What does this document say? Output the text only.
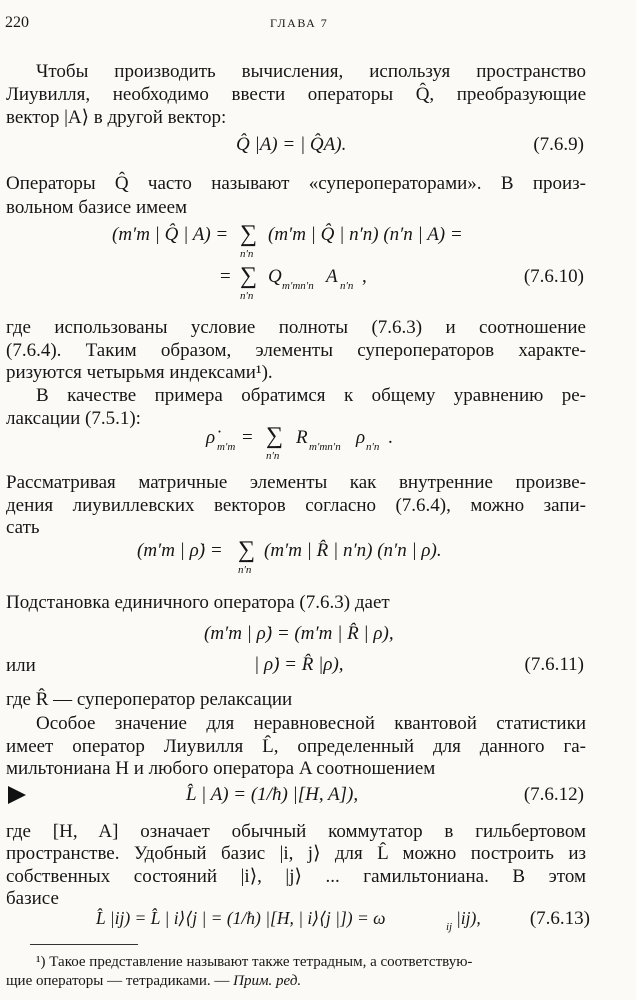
220	ГЛАВА 7
Чтобы производить вычисления, используя пространство
Лиувилля, необходимо ввести операторы Q̂, преобразующие
вектор |A⟩ в другой вектор:
Q̂ |A) = | Q̂A).	(7.6.9)
Операторы Q̂ часто называют «супероператорами». В произ-
вольном базисе имеем
(m′m | Q̂ | A) = ∑
n′n
(m′m | Q̂ | n′n) (n′n | A) =
= ∑
n′n
Q m′mn′n A n′n ,	(7.6.10)
где использованы условие полноты (7.6.3) и соотношение
(7.6.4). Таким образом, элементы супероператоров характе-
ризуются четырьмя индексами¹).
В качестве примера обратимся к общему уравнению ре-
лаксации (7.5.1):
ρ̇ m′m = ∑
n′n
R m′mn′n ρ n′n .
Рассматривая матричные элементы как внутренние произве-
дения лиувиллевских векторов согласно (7.6.4), можно запи-
сать
(m′m | ρ̇) = ∑
n′n
(m′m | R̂ | n′n) (n′n | ρ).
Подстановка единичного оператора (7.6.3) дает
(m′m | ρ̇) = (m′m | R̂ | ρ),
или	| ρ̇) = R̂ |ρ),	(7.6.11)
где R̂ — супероператор релаксации
Особое значение для неравновесной квантовой статистики
имеет оператор Лиувилля L̂, определенный для данного га-
мильтониана H и любого оператора A соотношением
L̂ | A) = (1/ħ) |[H, A]),	(7.6.12)
где [H, A] означает обычный коммутатор в гильбертовом
пространстве. Удобный базис |i, j⟩ для L̂ можно построить из
собственных состояний |i⟩, |j⟩ ... гамильтониана. В этом
базисе
L̂ |ij) = L̂ | i⟩⟨j | = (1/ħ) |[H, | i⟩⟨j |]) = ω	ij |ij),	(7.6.13)
¹) Такое представление называют также тетрадным, а соответствую-
щие операторы — тетрадиками. — Прим. ред.
